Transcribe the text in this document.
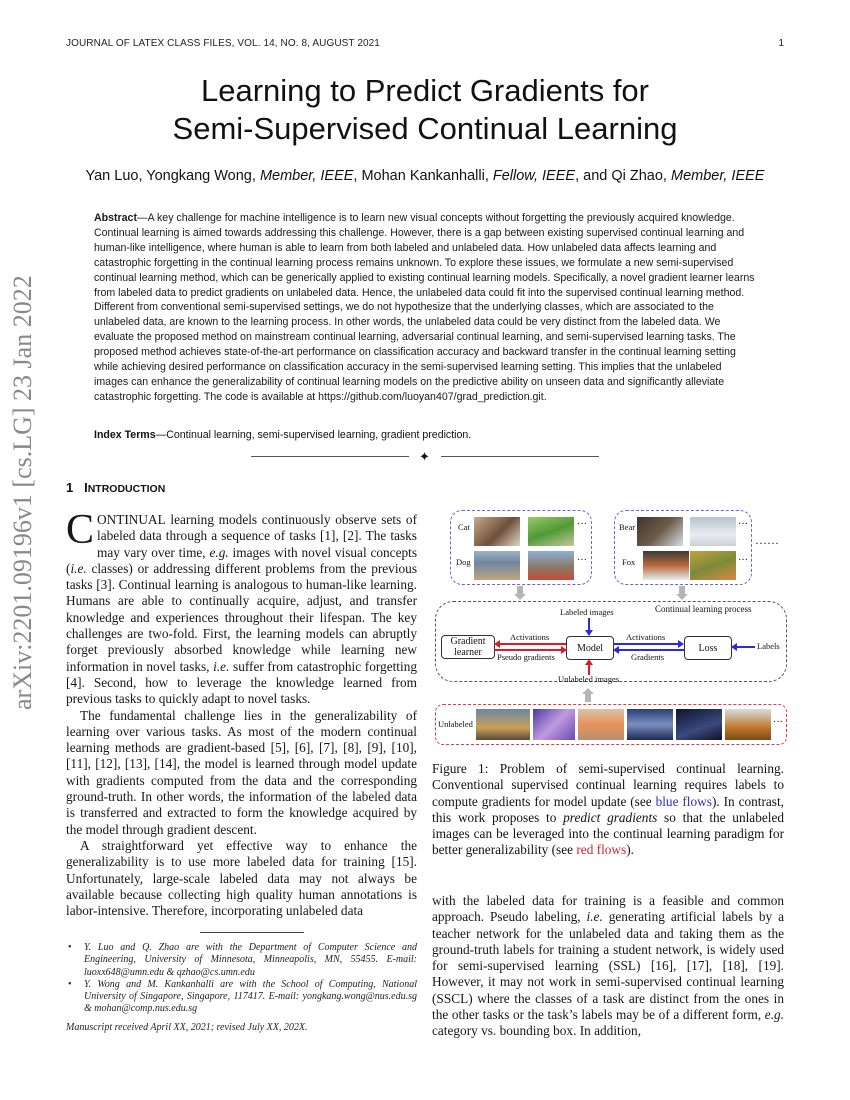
JOURNAL OF LATEX CLASS FILES, VOL. 14, NO. 8, AUGUST 2021	1
Learning to Predict Gradients for
Semi-Supervised Continual Learning
Yan Luo, Yongkang Wong, Member, IEEE, Mohan Kankanhalli, Fellow, IEEE, and Qi Zhao, Member, IEEE
Abstract—A key challenge for machine intelligence is to learn new visual concepts without forgetting the previously acquired knowledge. Continual learning is aimed towards addressing this challenge. However, there is a gap between existing supervised continual learning and human-like intelligence, where human is able to learn from both labeled and unlabeled data. How unlabeled data affects learning and catastrophic forgetting in the continual learning process remains unknown. To explore these issues, we formulate a new semi-supervised continual learning method, which can be generically applied to existing continual learning models. Specifically, a novel gradient learner learns from labeled data to predict gradients on unlabeled data. Hence, the unlabeled data could fit into the supervised continual learning method. Different from conventional semi-supervised settings, we do not hypothesize that the underlying classes, which are associated to the unlabeled data, are known to the learning process. In other words, the unlabeled data could be very distinct from the labeled data. We evaluate the proposed method on mainstream continual learning, adversarial continual learning, and semi-supervised learning tasks. The proposed method achieves state-of-the-art performance on classification accuracy and backward transfer in the continual learning setting while achieving desired performance on classification accuracy in the semi-supervised learning setting. This implies that the unlabeled images can enhance the generalizability of continual learning models on the predictive ability on unseen data and significantly alleviate catastrophic forgetting. The code is available at https://github.com/luoyan407/grad_prediction.git.
Index Terms—Continual learning, semi-supervised learning, gradient prediction.
✦
arXiv:2201.09196v1 [cs.LG] 23 Jan 2022	1 INTRODUCTION

CONTINUAL learning models continuously observe sets of labeled data through a sequence of tasks [1], [2]. The tasks may vary over time, e.g. images with novel visual concepts (i.e. classes) or addressing different problems from the previous tasks [3]. Continual learning is analogous to human-like learning. Humans are able to continually acquire, adjust, and transfer knowledge and experiences throughout their lifespan. The key challenges are two-fold. First, the learning models can abruptly forget previously absorbed knowledge while learning new information in novel tasks, i.e. suffer from catastrophic forgetting [4]. Second, how to leverage the knowledge learned from previous tasks to quickly adapt to novel tasks.

The fundamental challenge lies in the generalizability of learning over various tasks. As most of the modern continual learning methods are gradient-based [5], [6], [7], [8], [9], [10], [11], [12], [13], [14], the model is learned through model update with gradients computed from the data and the corresponding ground-truth. In other words, the information of the labeled data is transferred and extracted to form the knowledge acquired by the model through gradient descent.

A straightforward yet effective way to enhance the generalizability is to use more labeled data for training [15]. Unfortunately, large-scale labeled data may not always be available because collecting high quality human annotations is labor-intensive. Therefore, incorporating unlabeled data

• Y. Luo and Q. Zhao are with the Department of Computer Science and Engineering, University of Minnesota, Minneapolis, MN, 55455. E-mail: luoxx648@umn.edu & qzhao@cs.umn.edu
• Y. Wong and M. Kankanhalli are with the School of Computing, National University of Singapore, Singapore, 117417. E-mail: yongkang.wong@nus.edu.sg & mohan@comp.nus.edu.sg
Manuscript received April XX, 2021; revised July XX, 202X.
Cat
Dog
···
···
Bear
Fox
···
···
······
Continual learning process
Labeled images
Gradient learner	Model	Loss
Activations
Pseudo gradients
Activations
Gradients
Labels
Unlabeled images
Unlabeled	···
Figure 1: Problem of semi-supervised continual learning. Conventional supervised continual learning requires labels to compute gradients for model update (see blue flows). In contrast, this work proposes to predict gradients so that the unlabeled images can be leveraged into the continual learning paradigm for better generalizability (see red flows).
with the labeled data for training is a feasible and common approach. Pseudo labeling, i.e. generating artificial labels by a teacher network for the unlabeled data and taking them as the ground-truth labels for training a student network, is widely used for semi-supervised learning (SSL) [16], [17], [18], [19]. However, it may not work in semi-supervised continual learning (SSCL) where the classes of a task are distinct from the ones in the other tasks or the task’s labels may be of a different form, e.g. category vs. bounding box. In addition,
